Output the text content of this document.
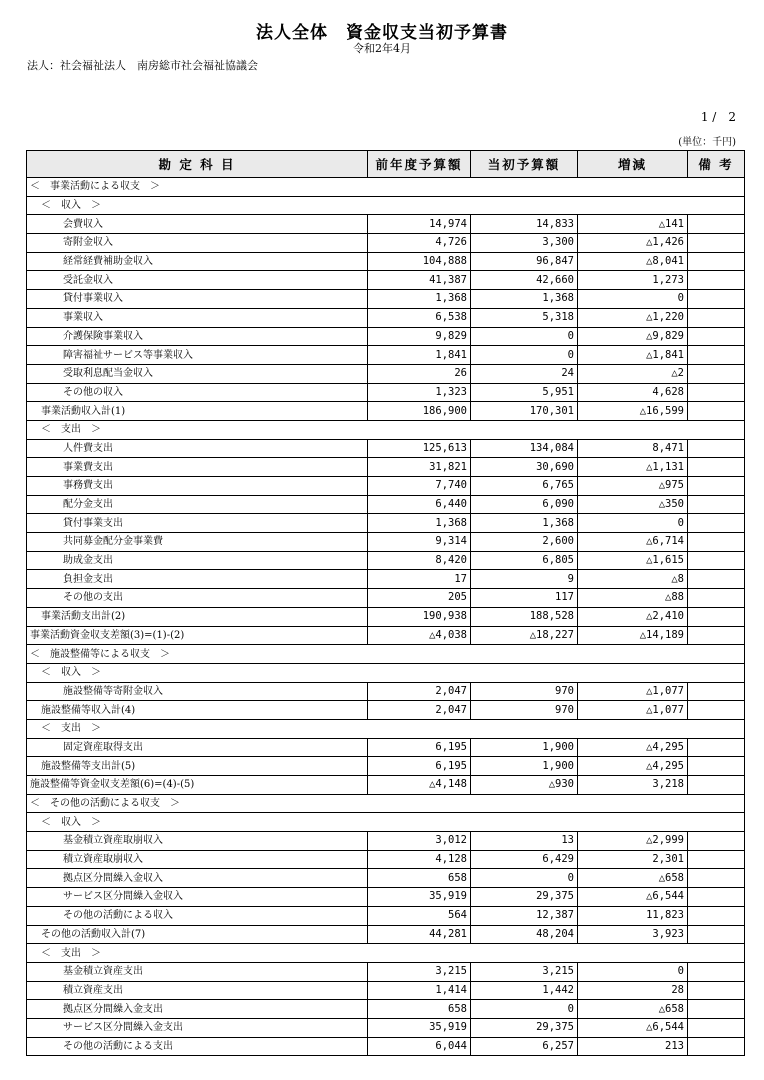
法人全体　資金収支当初予算書
令和2年4月
法人：社会福祉法人　南房総市社会福祉協議会
1 /　2
(単位：千円)
勘 定 科 目	前年度予算額	当初予算額	増減	備 考
＜　事業活動による収支　＞				
＜　収入　＞				
会費収入	14,974	14,833	△141	
寄附金収入	4,726	3,300	△1,426	
経常経費補助金収入	104,888	96,847	△8,041	
受託金収入	41,387	42,660	1,273	
貸付事業収入	1,368	1,368	0	
事業収入	6,538	5,318	△1,220	
介護保険事業収入	9,829	0	△9,829	
障害福祉サービス等事業収入	1,841	0	△1,841	
受取利息配当金収入	26	24	△2	
その他の収入	1,323	5,951	4,628	
事業活動収入計(1)	186,900	170,301	△16,599	
＜　支出　＞				
人件費支出	125,613	134,084	8,471	
事業費支出	31,821	30,690	△1,131	
事務費支出	7,740	6,765	△975	
配分金支出	6,440	6,090	△350	
貸付事業支出	1,368	1,368	0	
共同募金配分金事業費	9,314	2,600	△6,714	
助成金支出	8,420	6,805	△1,615	
負担金支出	17	9	△8	
その他の支出	205	117	△88	
事業活動支出計(2)	190,938	188,528	△2,410	
事業活動資金収支差額(3)=(1)-(2)	△4,038	△18,227	△14,189	
＜　施設整備等による収支　＞				
＜　収入　＞				
施設整備等寄附金収入	2,047	970	△1,077	
施設整備等収入計(4)	2,047	970	△1,077	
＜　支出　＞				
固定資産取得支出	6,195	1,900	△4,295	
施設整備等支出計(5)	6,195	1,900	△4,295	
施設整備等資金収支差額(6)=(4)-(5)	△4,148	△930	3,218	
＜　その他の活動による収支　＞				
＜　収入　＞				
基金積立資産取崩収入	3,012	13	△2,999	
積立資産取崩収入	4,128	6,429	2,301	
拠点区分間繰入金収入	658	0	△658	
サービス区分間繰入金収入	35,919	29,375	△6,544	
その他の活動による収入	564	12,387	11,823	
その他の活動収入計(7)	44,281	48,204	3,923	
＜　支出　＞				
基金積立資産支出	3,215	3,215	0	
積立資産支出	1,414	1,442	28	
拠点区分間繰入金支出	658	0	△658	
サービス区分間繰入金支出	35,919	29,375	△6,544	
その他の活動による支出	6,044	6,257	213	
